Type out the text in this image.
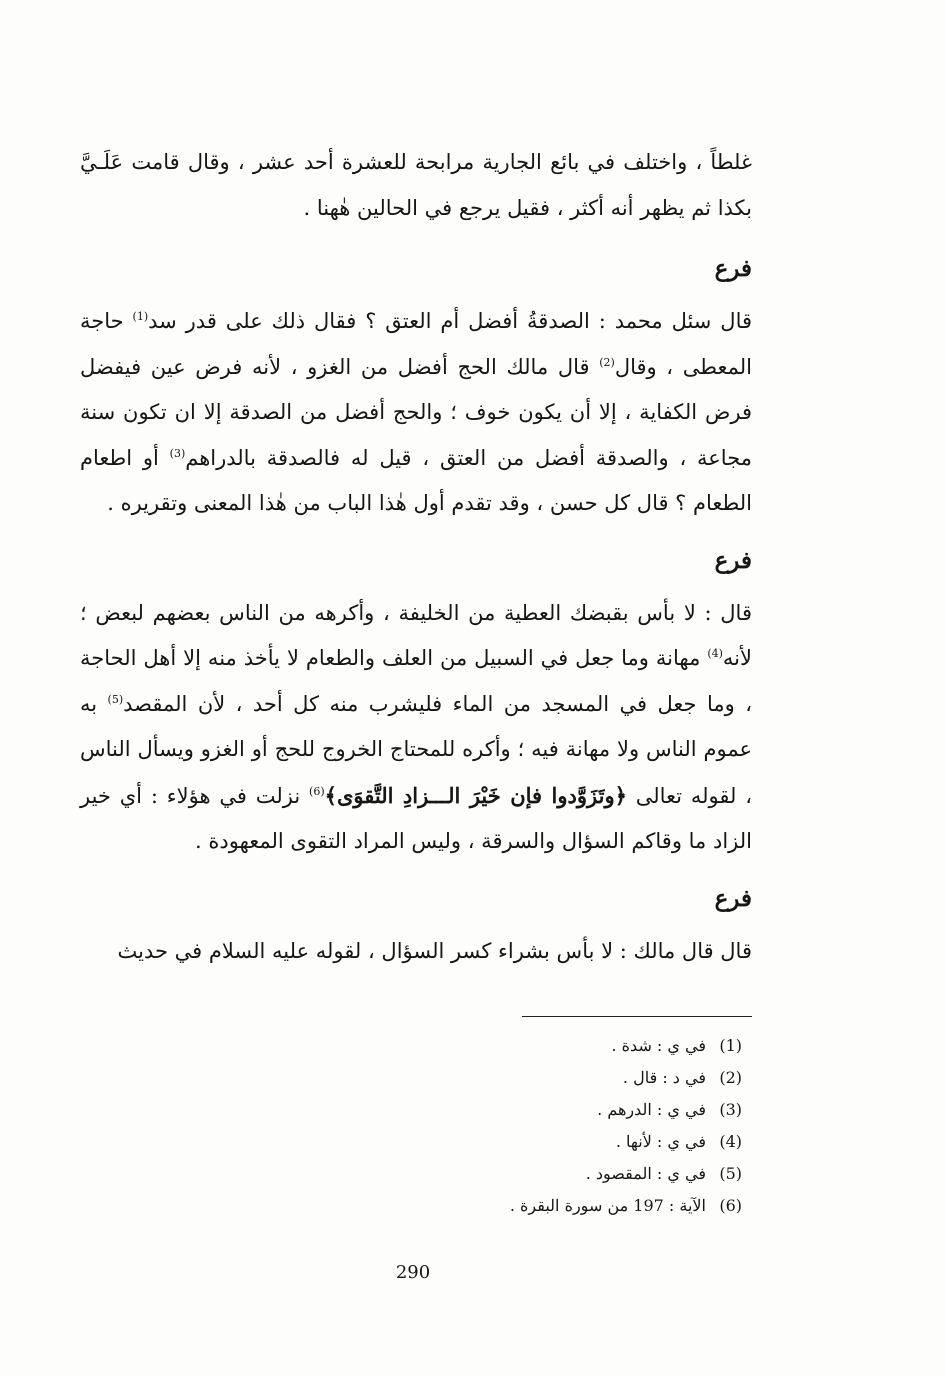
غلطاً ، واختلف في بائع الجارية مرابحة للعشرة أحد عشر ، وقال قامت عَلَـيَّ بكذا ثم يظهر أنه أكثر ، فقيل يرجع في الحالين هٰهنا .

فرع

قال سئل محمد : الصدقةُ أفضل أم العتق ؟ فقال ذلك على قدر سد$^{(1)}$ حاجة المعطى ، وقال$^{(2)}$ قال مالك الحج أفضل من الغزو ، لأنه فرض عين فيفضل فرض الكفاية ، إلا أن يكون خوف ؛ والحج أفضل من الصدقة إلا ان تكون سنة مجاعة ، والصدقة أفضل من العتق ، قيل له فالصدقة بالدراهم$^{(3)}$ أو اطعام الطعام ؟ قال كل حسن ، وقد تقدم أول هٰذا الباب من هٰذا المعنى وتقريره .

فرع

قال : لا بأس بقبضك العطية من الخليفة ، وأكرهه من الناس بعضهم لبعض ؛ لأنه$^{(4)}$ مهانة وما جعل في السبيل من العلف والطعام لا يأخذ منه إلا أهل الحاجة ، وما جعل في المسجد من الماء فليشرب منه كل أحد ، لأن المقصد$^{(5)}$ به عموم الناس ولا مهانة فيه ؛ وأكره للمحتاج الخروج للحج أو الغزو ويسأل الناس ، لقوله تعالى ﴿وتَزَوَّدوا فإن خَيْرَ الـــزادِ التَّقوَى﴾$^{(6)}$ نزلت في هؤلاء : أي خير الزاد ما وقاكم السؤال والسرقة ، وليس المراد التقوى المعهودة .

فرع

قال قال مالك : لا بأس بشراء كسر السؤال ، لقوله عليه السلام في حديث

(1)
في ي : شدة .
(2)
في د : قال .
(3)
في ي : الدرهم .
(4)
في ي : لأنها .
(5)
في ي : المقصود .
(6)
الآية : 197 من سورة البقرة .
290
